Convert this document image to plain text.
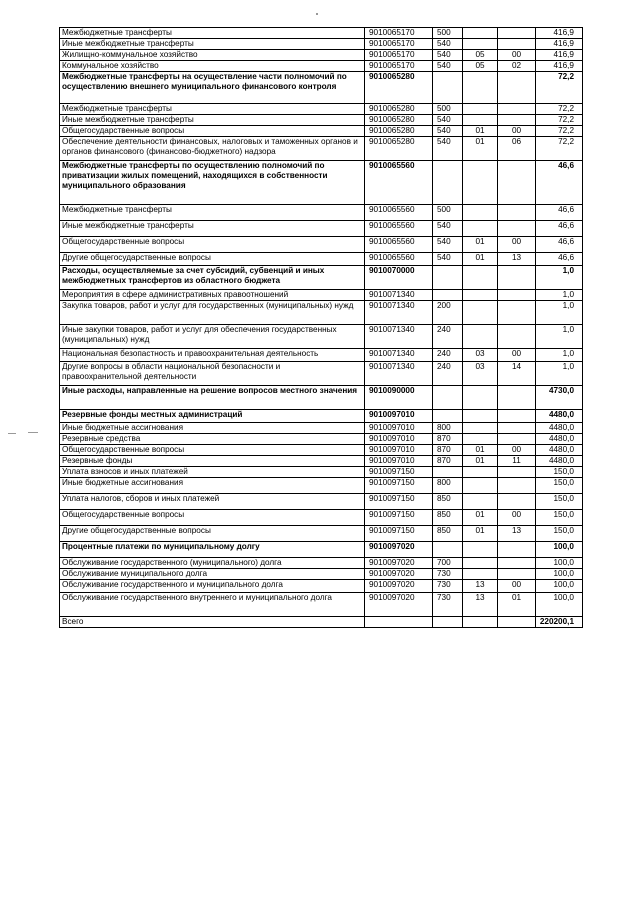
Межбюджетные трансферты	9010065170	500			416,9
Иные межбюджетные трансферты	9010065170	540			416,9
Жилищно-коммунальное хозяйство	9010065170	540	05	00	416,9
Коммунальное хозяйство	9010065170	540	05	02	416,9
Межбюджетные трансферты на осуществление части полномочий по осуществлению внешнего муниципального финансового контроля	9010065280				72,2
Межбюджетные трансферты	9010065280	500			72,2
Иные межбюджетные трансферты	9010065280	540			72,2
Общегосударственные вопросы	9010065280	540	01	00	72,2
Обеспечение деятельности финансовых, налоговых и таможенных органов и органов финансового (финансово-бюджетного) надзора	9010065280	540	01	06	72,2
Межбюджетные трансферты по осуществлению полномочий по приватизации жилых помещений, находящихся в собственности муниципального образования	9010065560				46,6
Межбюджетные трансферты	9010065560	500			46,6
Иные межбюджетные трансферты	9010065560	540			46,6
Общегосударственные вопросы	9010065560	540	01	00	46,6
Другие общегосударственные вопросы	9010065560	540	01	13	46,6
Расходы, осуществляемые за счет субсидий, субвенций и иных межбюджетных трансфертов из областного бюджета	9010070000				1,0
Мероприятия в сфере административных правоотношений	9010071340				1,0
Закупка товаров, работ и услуг для государственных (муниципальных) нужд	9010071340	200			1,0
Иные закупки товаров, работ и услуг для обеспечения государственных (муниципальных) нужд	9010071340	240			1,0
Национальная безопастность и правоохранительная деятельность	9010071340	240	03	00	1,0
Другие вопросы в области национальной безопасности и правоохранительной деятельности	9010071340	240	03	14	1,0
Иные расходы, направленные на решение вопросов местного значения	9010090000				4730,0
Резервные фонды местных администраций	9010097010				4480,0
Иные бюджетные ассигнования	9010097010	800			4480,0
Резервные средства	9010097010	870			4480,0
Общегосударственные вопросы	9010097010	870	01	00	4480,0
Резервные фонды	9010097010	870	01	11	4480,0
Уплата взносов и иных платежей	9010097150				150,0
Иные бюджетные ассигнования	9010097150	800			150,0
Уплата налогов, сборов и иных платежей	9010097150	850			150,0
Общегосударственные вопросы	9010097150	850	01	00	150,0
Другие общегосударственные вопросы	9010097150	850	01	13	150,0
Процентные платежи по муниципальному долгу	9010097020				100,0
Обслуживание государственного (муниципального) долга	9010097020	700			100,0
Обслуживание муниципального долга	9010097020	730			100,0
Обслуживание государственного и муниципального долга	9010097020	730	13	00	100,0
Обслуживание государственного внутреннего и муниципального долга	9010097020	730	13	01	100,0
Всего					220200,1
